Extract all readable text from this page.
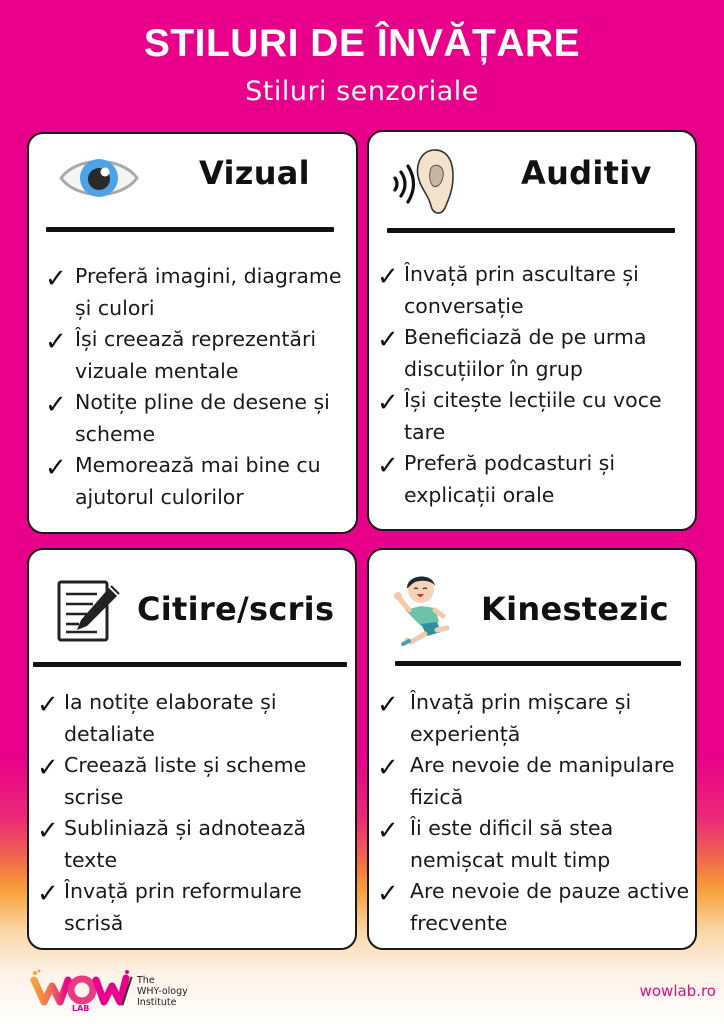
STILURI DE ÎNVĂȚARE
Stiluri senzoriale
Vizual
✓ Preferă imagini, diagrame și culori
✓ Își creează reprezentări vizuale mentale
✓ Notițe pline de desene și scheme
✓ Memorează mai bine cu ajutorul culorilor
Auditiv
✓ Învață prin ascultare și conversație
✓ Beneficiază de pe urma discuțiilor în grup
✓ Își citește lecțiile cu voce tare
✓ Preferă podcasturi și explicații orale
Citire/scris
✓ Ia notițe elaborate și detaliate
✓ Creează liste și scheme scrise
✓ Subliniază și adnotează texte
✓ Învață prin reformulare scrisă
Kinestezic
✓ Învață prin mișcare și experiență
✓ Are nevoie de manipulare fizică
✓ Îi este dificil să stea nemișcat mult timp
✓ Are nevoie de pauze active frecvente
LAB
The
WHY-ology
Institute
wowlab.ro
